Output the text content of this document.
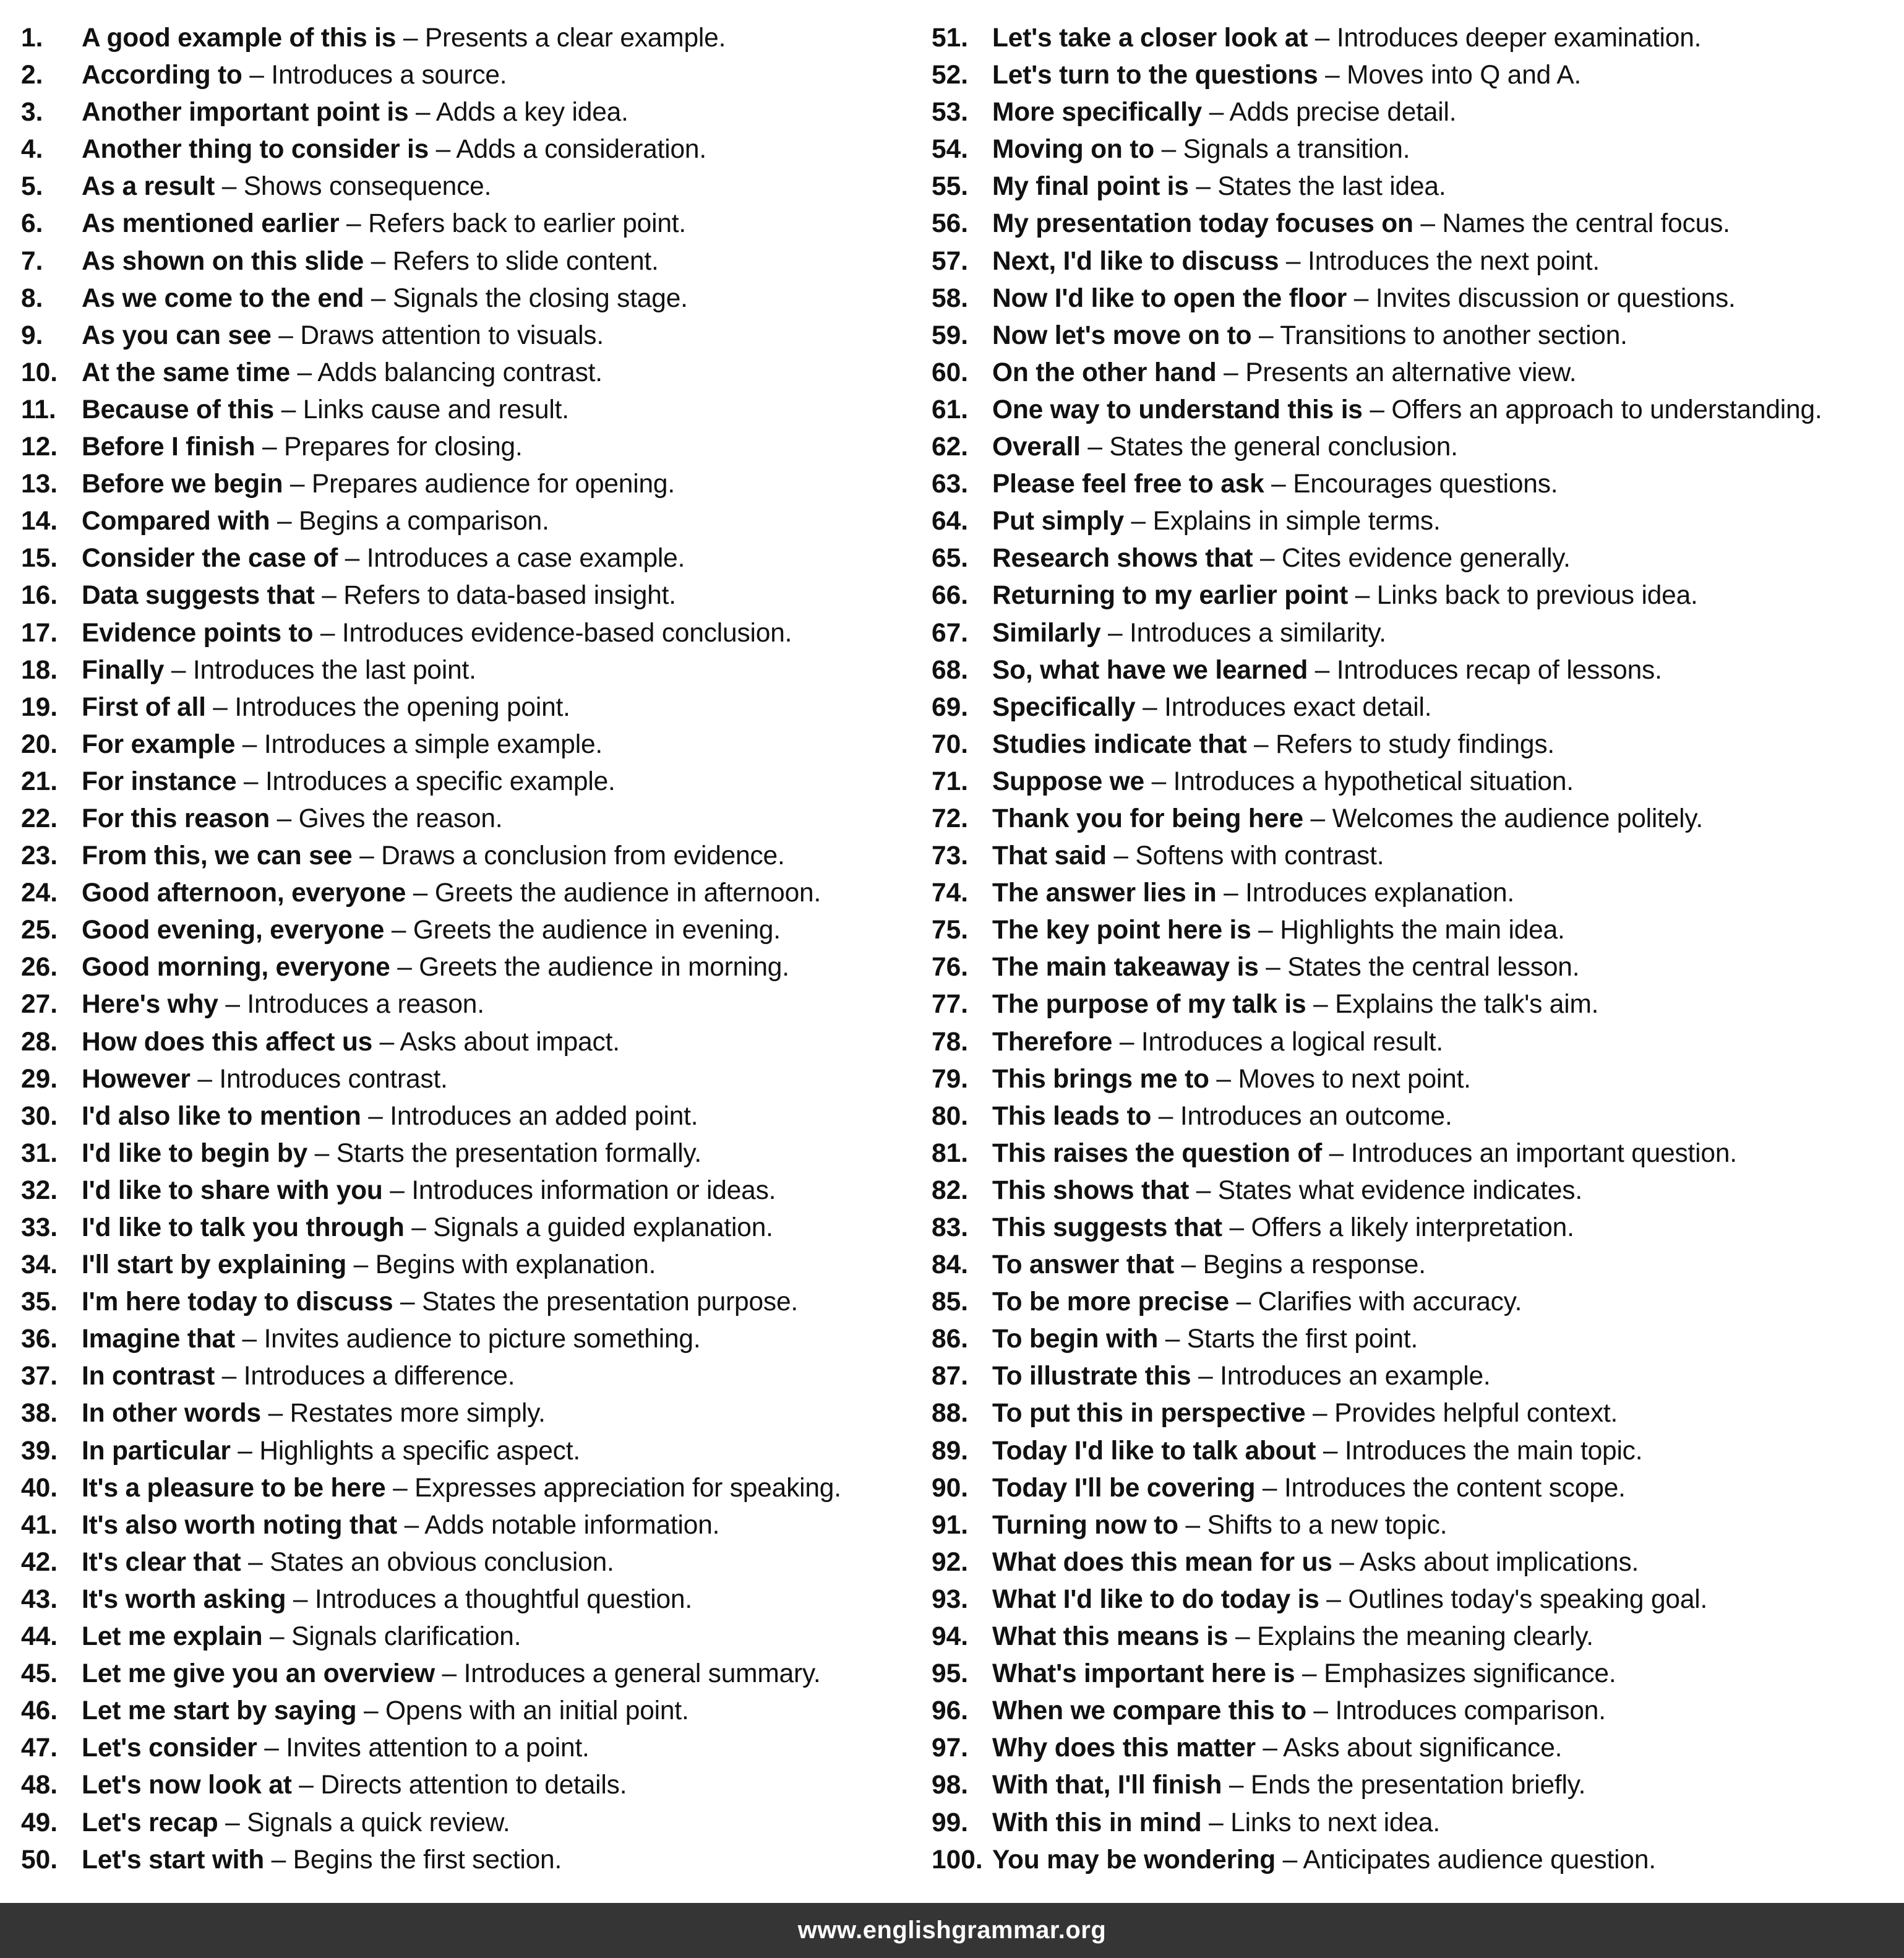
1. A good example of this is – Presents a clear example.
2. According to – Introduces a source.
3. Another important point is – Adds a key idea.
4. Another thing to consider is – Adds a consideration.
5. As a result – Shows consequence.
6. As mentioned earlier – Refers back to earlier point.
7. As shown on this slide – Refers to slide content.
8. As we come to the end – Signals the closing stage.
9. As you can see – Draws attention to visuals.
10. At the same time – Adds balancing contrast.
11. Because of this – Links cause and result.
12. Before I finish – Prepares for closing.
13. Before we begin – Prepares audience for opening.
14. Compared with – Begins a comparison.
15. Consider the case of – Introduces a case example.
16. Data suggests that – Refers to data-based insight.
17. Evidence points to – Introduces evidence-based conclusion.
18. Finally – Introduces the last point.
19. First of all – Introduces the opening point.
20. For example – Introduces a simple example.
21. For instance – Introduces a specific example.
22. For this reason – Gives the reason.
23. From this, we can see – Draws a conclusion from evidence.
24. Good afternoon, everyone – Greets the audience in afternoon.
25. Good evening, everyone – Greets the audience in evening.
26. Good morning, everyone – Greets the audience in morning.
27. Here's why – Introduces a reason.
28. How does this affect us – Asks about impact.
29. However – Introduces contrast.
30. I'd also like to mention – Introduces an added point.
31. I'd like to begin by – Starts the presentation formally.
32. I'd like to share with you – Introduces information or ideas.
33. I'd like to talk you through – Signals a guided explanation.
34. I'll start by explaining – Begins with explanation.
35. I'm here today to discuss – States the presentation purpose.
36. Imagine that – Invites audience to picture something.
37. In contrast – Introduces a difference.
38. In other words – Restates more simply.
39. In particular – Highlights a specific aspect.
40. It's a pleasure to be here – Expresses appreciation for speaking.
41. It's also worth noting that – Adds notable information.
42. It's clear that – States an obvious conclusion.
43. It's worth asking – Introduces a thoughtful question.
44. Let me explain – Signals clarification.
45. Let me give you an overview – Introduces a general summary.
46. Let me start by saying – Opens with an initial point.
47. Let's consider – Invites attention to a point.
48. Let's now look at – Directs attention to details.
49. Let's recap – Signals a quick review.
50. Let's start with – Begins the first section.
51. Let's take a closer look at – Introduces deeper examination.
52. Let's turn to the questions – Moves into Q and A.
53. More specifically – Adds precise detail.
54. Moving on to – Signals a transition.
55. My final point is – States the last idea.
56. My presentation today focuses on – Names the central focus.
57. Next, I'd like to discuss – Introduces the next point.
58. Now I'd like to open the floor – Invites discussion or questions.
59. Now let's move on to – Transitions to another section.
60. On the other hand – Presents an alternative view.
61. One way to understand this is – Offers an approach to understanding.
62. Overall – States the general conclusion.
63. Please feel free to ask – Encourages questions.
64. Put simply – Explains in simple terms.
65. Research shows that – Cites evidence generally.
66. Returning to my earlier point – Links back to previous idea.
67. Similarly – Introduces a similarity.
68. So, what have we learned – Introduces recap of lessons.
69. Specifically – Introduces exact detail.
70. Studies indicate that – Refers to study findings.
71. Suppose we – Introduces a hypothetical situation.
72. Thank you for being here – Welcomes the audience politely.
73. That said – Softens with contrast.
74. The answer lies in – Introduces explanation.
75. The key point here is – Highlights the main idea.
76. The main takeaway is – States the central lesson.
77. The purpose of my talk is – Explains the talk's aim.
78. Therefore – Introduces a logical result.
79. This brings me to – Moves to next point.
80. This leads to – Introduces an outcome.
81. This raises the question of – Introduces an important question.
82. This shows that – States what evidence indicates.
83. This suggests that – Offers a likely interpretation.
84. To answer that – Begins a response.
85. To be more precise – Clarifies with accuracy.
86. To begin with – Starts the first point.
87. To illustrate this – Introduces an example.
88. To put this in perspective – Provides helpful context.
89. Today I'd like to talk about – Introduces the main topic.
90. Today I'll be covering – Introduces the content scope.
91. Turning now to – Shifts to a new topic.
92. What does this mean for us – Asks about implications.
93. What I'd like to do today is – Outlines today's speaking goal.
94. What this means is – Explains the meaning clearly.
95. What's important here is – Emphasizes significance.
96. When we compare this to – Introduces comparison.
97. Why does this matter – Asks about significance.
98. With that, I'll finish – Ends the presentation briefly.
99. With this in mind – Links to next idea.
100. You may be wondering – Anticipates audience question.
www.englishgrammar.org
